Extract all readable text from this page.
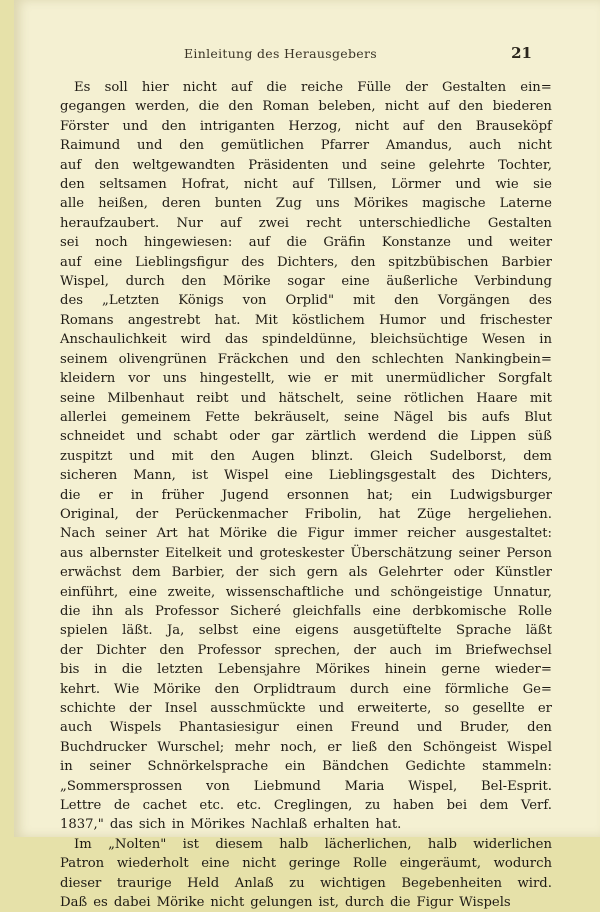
Einleitung des Herausgebers	21
Es soll hier nicht auf die reiche Fülle der Gestalten ein=
gegangen werden, die den Roman beleben, nicht auf den biederen
Förster und den intriganten Herzog, nicht auf den Brauseköpf
Raimund und den gemütlichen Pfarrer Amandus, auch nicht
auf den weltgewandten Präsidenten und seine gelehrte Tochter,
den seltsamen Hofrat, nicht auf Tillsen, Lörmer und wie sie
alle heißen, deren bunten Zug uns Mörikes magische Laterne
heraufzaubert. Nur auf zwei recht unterschiedliche Gestalten
sei noch hingewiesen: auf die Gräfin Konstanze und weiter
auf eine Lieblingsfigur des Dichters, den spitzbübischen Barbier
Wispel, durch den Mörike sogar eine äußerliche Verbindung
des „Letzten Königs von Orplid" mit den Vorgängen des
Romans angestrebt hat. Mit köstlichem Humor und frischester
Anschaulichkeit wird das spindeldünne, bleichsüchtige Wesen in
seinem olivengrünen Fräckchen und den schlechten Nankingbein=
kleidern vor uns hingestellt, wie er mit unermüdlicher Sorgfalt
seine Milbenhaut reibt und hätschelt, seine rötlichen Haare mit
allerlei gemeinem Fette bekräuselt, seine Nägel bis aufs Blut
schneidet und schabt oder gar zärtlich werdend die Lippen süß
zuspitzt und mit den Augen blinzt. Gleich Sudelborst, dem
sicheren Mann, ist Wispel eine Lieblingsgestalt des Dichters,
die er in früher Jugend ersonnen hat; ein Ludwigsburger
Original, der Perückenmacher Fribolin, hat Züge hergeliehen.
Nach seiner Art hat Mörike die Figur immer reicher ausgestaltet:
aus albernster Eitelkeit und groteskester Überschätzung seiner Person
erwächst dem Barbier, der sich gern als Gelehrter oder Künstler
einführt, eine zweite, wissenschaftliche und schöngeistige Unnatur,
die ihn als Professor Sicheré gleichfalls eine derbkomische Rolle
spielen läßt. Ja, selbst eine eigens ausgetüftelte Sprache läßt
der Dichter den Professor sprechen, der auch im Briefwechsel
bis in die letzten Lebensjahre Mörikes hinein gerne wieder=
kehrt. Wie Mörike den Orplidtraum durch eine förmliche Ge=
schichte der Insel ausschmückte und erweiterte, so gesellte er
auch Wispels Phantasiesigur einen Freund und Bruder, den
Buchdrucker Wurschel; mehr noch, er ließ den Schöngeist Wispel
in seiner Schnörkelsprache ein Bändchen Gedichte stammeln:
„Sommersprossen von Liebmund Maria Wispel, Bel-Esprit.
Lettre de cachet etc. etc. Creglingen, zu haben bei dem Verf.
1837," das sich in Mörikes Nachlaß erhalten hat.
Im „Nolten" ist diesem halb lächerlichen, halb widerlichen
Patron wiederholt eine nicht geringe Rolle eingeräumt, wodurch
dieser traurige Held Anlaß zu wichtigen Begebenheiten wird.
Daß es dabei Mörike nicht gelungen ist, durch die Figur Wispels
